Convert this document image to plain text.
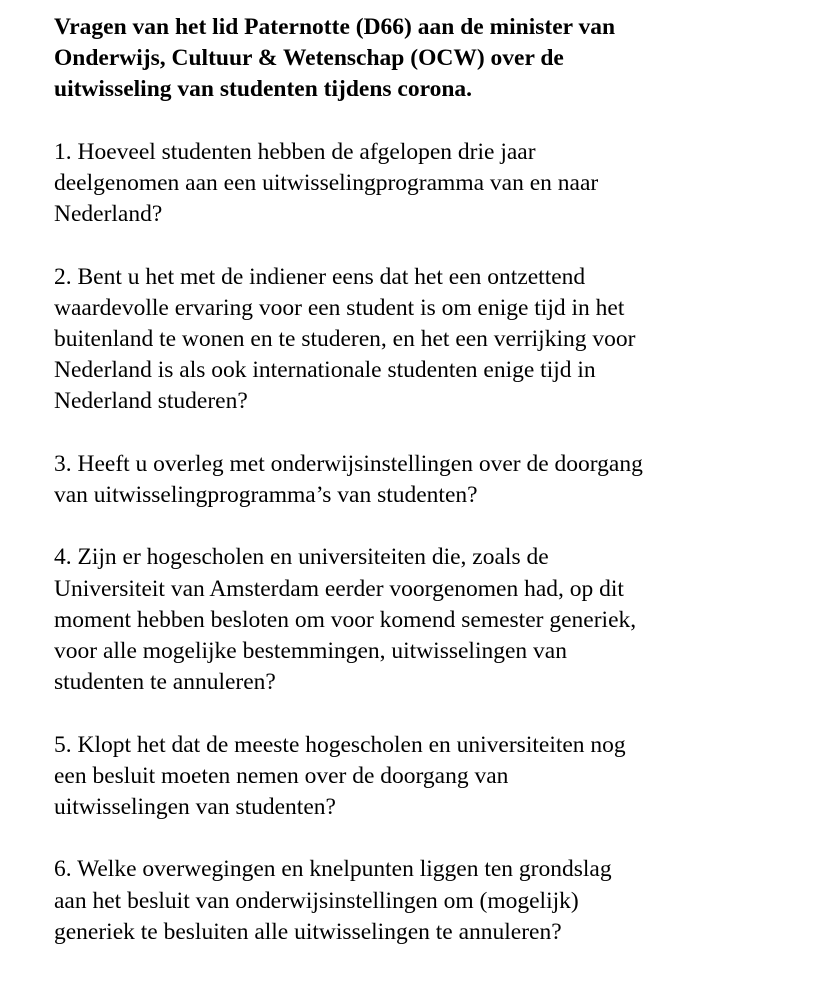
Vragen van het lid Paternotte (D66) aan de minister van
Onderwijs, Cultuur & Wetenschap (OCW) over de
uitwisseling van studenten tijdens corona.

1. Hoeveel studenten hebben de afgelopen drie jaar
deelgenomen aan een uitwisselingprogramma van en naar
Nederland?

2. Bent u het met de indiener eens dat het een ontzettend
waardevolle ervaring voor een student is om enige tijd in het
buitenland te wonen en te studeren, en het een verrijking voor
Nederland is als ook internationale studenten enige tijd in
Nederland studeren?

3. Heeft u overleg met onderwijsinstellingen over de doorgang
van uitwisselingprogramma’s van studenten?

4. Zijn er hogescholen en universiteiten die, zoals de
Universiteit van Amsterdam eerder voorgenomen had, op dit
moment hebben besloten om voor komend semester generiek,
voor alle mogelijke bestemmingen, uitwisselingen van
studenten te annuleren?

5. Klopt het dat de meeste hogescholen en universiteiten nog
een besluit moeten nemen over de doorgang van
uitwisselingen van studenten?

6. Welke overwegingen en knelpunten liggen ten grondslag
aan het besluit van onderwijsinstellingen om (mogelijk)
generiek te besluiten alle uitwisselingen te annuleren?
